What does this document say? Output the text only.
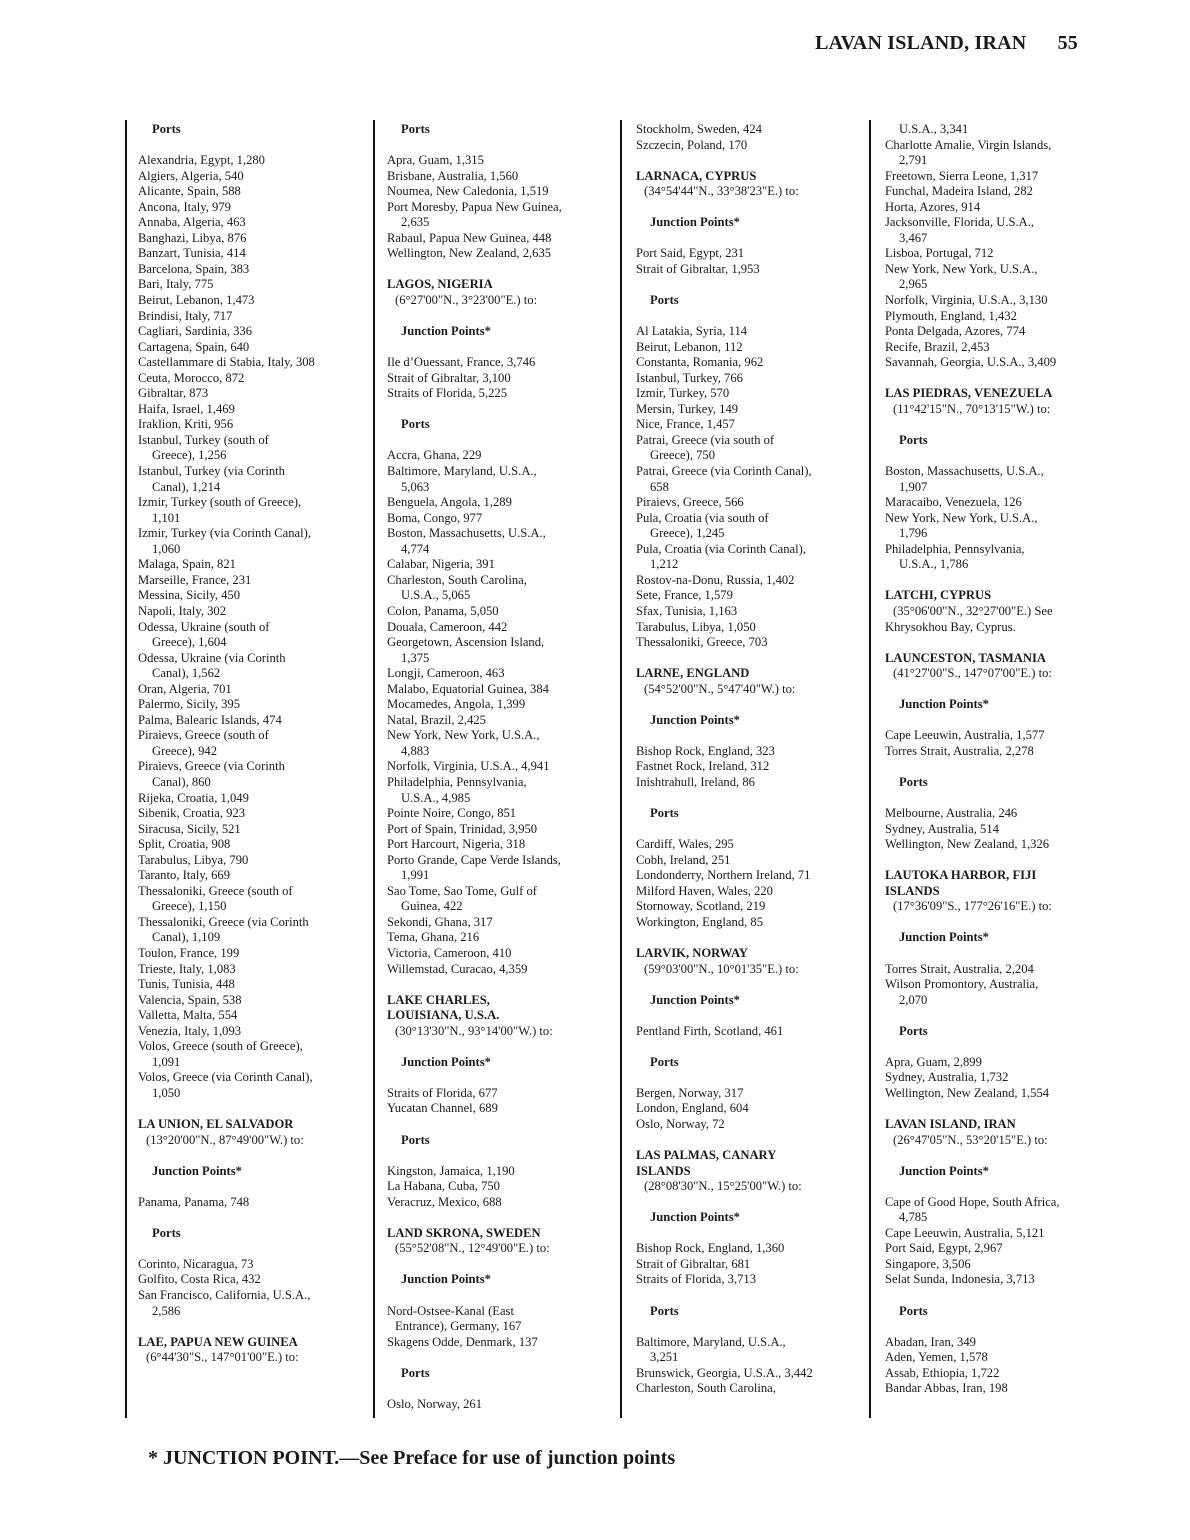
LAVAN ISLAND, IRAN 55
Ports
Alexandria, Egypt, 1,280
Algiers, Algeria, 540
Alicante, Spain, 588
Ancona, Italy, 979
Annaba, Algeria, 463
Banghazi, Libya, 876
Banzart, Tunisia, 414
Barcelona, Spain, 383
Bari, Italy, 775
Beirut, Lebanon, 1,473
Brindisi, Italy, 717
Cagliari, Sardinia, 336
Cartagena, Spain, 640
Castellammare di Stabia, Italy, 308
Ceuta, Morocco, 872
Gibraltar, 873
Haifa, Israel, 1,469
Iraklion, Kriti, 956
Istanbul, Turkey (south of
Greece), 1,256
Istanbul, Turkey (via Corinth
Canal), 1,214
Izmir, Turkey (south of Greece),
1,101
Izmir, Turkey (via Corinth Canal),
1,060
Malaga, Spain, 821
Marseille, France, 231
Messina, Sicily, 450
Napoli, Italy, 302
Odessa, Ukraine (south of
Greece), 1,604
Odessa, Ukraine (via Corinth
Canal), 1,562
Oran, Algeria, 701
Palermo, Sicily, 395
Palma, Balearic Islands, 474
Piraievs, Greece (south of
Greece), 942
Piraievs, Greece (via Corinth
Canal), 860
Rijeka, Croatia, 1,049
Sibenik, Croatia, 923
Siracusa, Sicily, 521
Split, Croatia, 908
Tarabulus, Libya, 790
Taranto, Italy, 669
Thessaloniki, Greece (south of
Greece), 1,150
Thessaloniki, Greece (via Corinth
Canal), 1,109
Toulon, France, 199
Trieste, Italy, 1,083
Tunis, Tunisia, 448
Valencia, Spain, 538
Valletta, Malta, 554
Venezia, Italy, 1,093
Volos, Greece (south of Greece),
1,091
Volos, Greece (via Corinth Canal),
1,050
LA UNION, EL SALVADOR
(13°20'00"N., 87°49'00"W.) to:
Junction Points*
Panama, Panama, 748
Ports
Corinto, Nicaragua, 73
Golfito, Costa Rica, 432
San Francisco, California, U.S.A.,
2,586
LAE, PAPUA NEW GUINEA
(6°44'30"S., 147°01'00"E.) to:
Ports
Apra, Guam, 1,315
Brisbane, Australia, 1,560
Noumea, New Caledonia, 1,519
Port Moresby, Papua New Guinea,
2,635
Rabaul, Papua New Guinea, 448
Wellington, New Zealand, 2,635
LAGOS, NIGERIA
(6°27'00"N., 3°23'00"E.) to:
Junction Points*
Ile d’Ouessant, France, 3,746
Strait of Gibraltar, 3,100
Straits of Florida, 5,225
Ports
Accra, Ghana, 229
Baltimore, Maryland, U.S.A.,
5,063
Benguela, Angola, 1,289
Boma, Congo, 977
Boston, Massachusetts, U.S.A.,
4,774
Calabar, Nigeria, 391
Charleston, South Carolina,
U.S.A., 5,065
Colon, Panama, 5,050
Douala, Cameroon, 442
Georgetown, Ascension Island,
1,375
Longji, Cameroon, 463
Malabo, Equatorial Guinea, 384
Mocamedes, Angola, 1,399
Natal, Brazil, 2,425
New York, New York, U.S.A.,
4,883
Norfolk, Virginia, U.S.A., 4,941
Philadelphia, Pennsylvania,
U.S.A., 4,985
Pointe Noire, Congo, 851
Port of Spain, Trinidad, 3,950
Port Harcourt, Nigeria, 318
Porto Grande, Cape Verde Islands,
1,991
Sao Tome, Sao Tome, Gulf of
Guinea, 422
Sekondi, Ghana, 317
Tema, Ghana, 216
Victoria, Cameroon, 410
Willemstad, Curacao, 4,359
LAKE CHARLES,
LOUISIANA, U.S.A.
(30°13'30"N., 93°14'00"W.) to:
Junction Points*
Straits of Florida, 677
Yucatan Channel, 689
Ports
Kingston, Jamaica, 1,190
La Habana, Cuba, 750
Veracruz, Mexico, 688
LAND SKRONA, SWEDEN
(55°52'08"N., 12°49'00"E.) to:
Junction Points*
Nord-Ostsee-Kanal (East
Entrance), Germany, 167
Skagens Odde, Denmark, 137
Ports
Oslo, Norway, 261
Stockholm, Sweden, 424
Szczecin, Poland, 170
LARNACA, CYPRUS
(34°54'44"N., 33°38'23"E.) to:
Junction Points*
Port Said, Egypt, 231
Strait of Gibraltar, 1,953
Ports
Al Latakia, Syria, 114
Beirut, Lebanon, 112
Constanta, Romania, 962
Istanbul, Turkey, 766
Izmir, Turkey, 570
Mersin, Turkey, 149
Nice, France, 1,457
Patrai, Greece (via south of
Greece), 750
Patrai, Greece (via Corinth Canal),
658
Piraievs, Greece, 566
Pula, Croatia (via south of
Greece), 1,245
Pula, Croatia (via Corinth Canal),
1,212
Rostov-na-Donu, Russia, 1,402
Sete, France, 1,579
Sfax, Tunisia, 1,163
Tarabulus, Libya, 1,050
Thessaloniki, Greece, 703
LARNE, ENGLAND
(54°52'00"N., 5°47'40"W.) to:
Junction Points*
Bishop Rock, England, 323
Fastnet Rock, Ireland, 312
Inishtrahull, Ireland, 86
Ports
Cardiff, Wales, 295
Cobh, Ireland, 251
Londonderry, Northern Ireland, 71
Milford Haven, Wales, 220
Stornoway, Scotland, 219
Workington, England, 85
LARVIK, NORWAY
(59°03'00"N., 10°01'35"E.) to:
Junction Points*
Pentland Firth, Scotland, 461
Ports
Bergen, Norway, 317
London, England, 604
Oslo, Norway, 72
LAS PALMAS, CANARY
ISLANDS
(28°08'30"N., 15°25'00"W.) to:
Junction Points*
Bishop Rock, England, 1,360
Strait of Gibraltar, 681
Straits of Florida, 3,713
Ports
Baltimore, Maryland, U.S.A.,
3,251
Brunswick, Georgia, U.S.A., 3,442
Charleston, South Carolina,
U.S.A., 3,341
Charlotte Amalie, Virgin Islands,
2,791
Freetown, Sierra Leone, 1,317
Funchal, Madeira Island, 282
Horta, Azores, 914
Jacksonville, Florida, U.S.A.,
3,467
Lisboa, Portugal, 712
New York, New York, U.S.A.,
2,965
Norfolk, Virginia, U.S.A., 3,130
Plymouth, England, 1,432
Ponta Delgada, Azores, 774
Recife, Brazil, 2,453
Savannah, Georgia, U.S.A., 3,409
LAS PIEDRAS, VENEZUELA
(11°42'15"N., 70°13'15"W.) to:
Ports
Boston, Massachusetts, U.S.A.,
1,907
Maracaibo, Venezuela, 126
New York, New York, U.S.A.,
1,796
Philadelphia, Pennsylvania,
U.S.A., 1,786
LATCHI, CYPRUS
(35°06'00"N., 32°27'00"E.) See
Khrysokhou Bay, Cyprus.
LAUNCESTON, TASMANIA
(41°27'00"S., 147°07'00"E.) to:
Junction Points*
Cape Leeuwin, Australia, 1,577
Torres Strait, Australia, 2,278
Ports
Melbourne, Australia, 246
Sydney, Australia, 514
Wellington, New Zealand, 1,326
LAUTOKA HARBOR, FIJI
ISLANDS
(17°36'09"S., 177°26'16"E.) to:
Junction Points*
Torres Strait, Australia, 2,204
Wilson Promontory, Australia,
2,070
Ports
Apra, Guam, 2,899
Sydney, Australia, 1,732
Wellington, New Zealand, 1,554
LAVAN ISLAND, IRAN
(26°47'05"N., 53°20'15"E.) to:
Junction Points*
Cape of Good Hope, South Africa,
4,785
Cape Leeuwin, Australia, 5,121
Port Said, Egypt, 2,967
Singapore, 3,506
Selat Sunda, Indonesia, 3,713
Ports
Abadan, Iran, 349
Aden, Yemen, 1,578
Assab, Ethiopia, 1,722
Bandar Abbas, Iran, 198
* JUNCTION POINT.—See Preface for use of junction points
